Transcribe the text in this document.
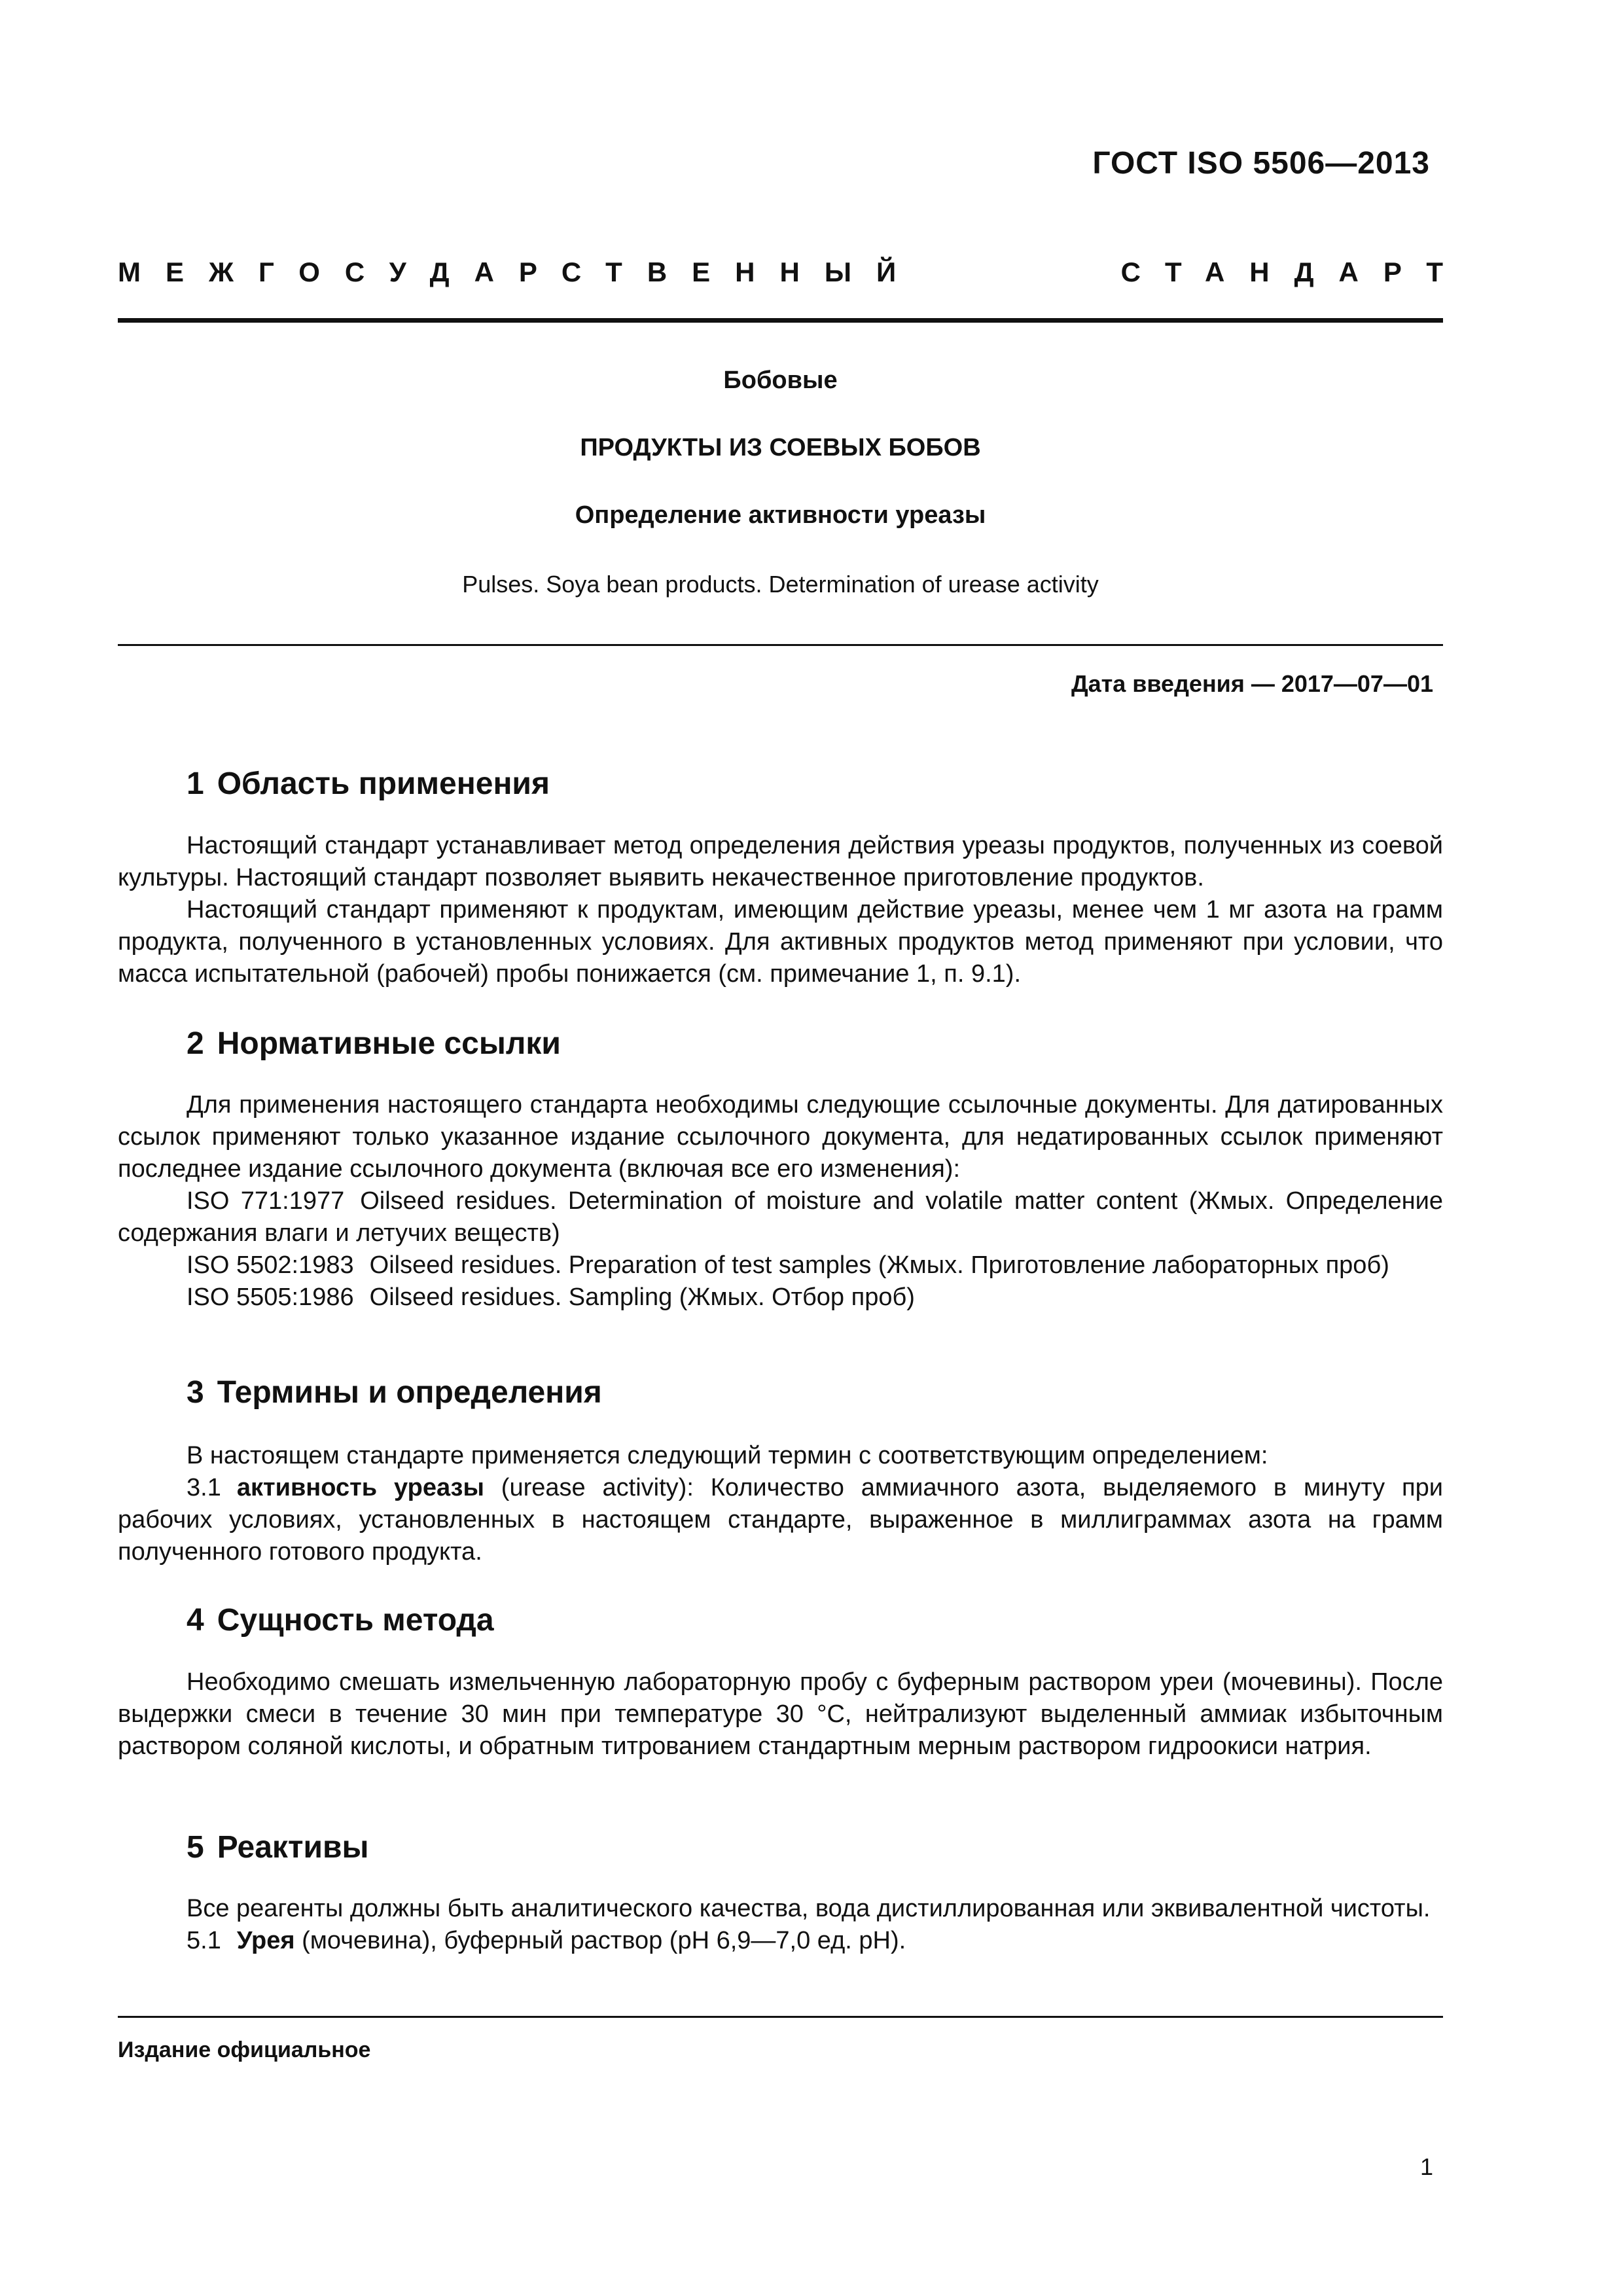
ГОСТ ISO 5506—2013
МЕЖГОСУДАРСТВЕННЫЙ	СТАНДАРТ
Бобовые
ПРОДУКТЫ ИЗ СОЕВЫХ БОБОВ
Определение активности уреазы
Pulses. Soya bean products. Determination of urease activity
Дата введения — 2017—07—01
1 Область применения

Настоящий стандарт устанавливает метод определения действия уреазы продуктов, полученных из соевой культуры. Настоящий стандарт позволяет выявить некачественное приготовление продуктов.

Настоящий стандарт применяют к продуктам, имеющим действие уреазы, менее чем 1 мг азота на грамм продукта, полученного в установленных условиях. Для активных продуктов метод применяют при условии, что масса испытательной (рабочей) пробы понижается (см. примечание 1, п. 9.1).

2 Нормативные ссылки

Для применения настоящего стандарта необходимы следующие ссылочные документы. Для датированных ссылок применяют только указанное издание ссылочного документа, для недатированных ссылок применяют последнее издание ссылочного документа (включая все его изменения):

ISO 771:1977 Oilseed residues. Determination of moisture and volatile matter content (Жмых. Определение содержания влаги и летучих веществ)

ISO 5502:1983 Oilseed residues. Preparation of test samples (Жмых. Приготовление лабораторных проб)

ISO 5505:1986 Oilseed residues. Sampling (Жмых. Отбор проб)

3 Термины и определения

В настоящем стандарте применяется следующий термин с соответствующим определением:

3.1 активность уреазы (urease activity): Количество аммиачного азота, выделяемого в минуту при рабочих условиях, установленных в настоящем стандарте, выраженное в миллиграммах азота на грамм полученного готового продукта.

4 Сущность метода

Необходимо смешать измельченную лабораторную пробу с буферным раствором уреи (мочевины). После выдержки смеси в течение 30 мин при температуре 30 °С, нейтрализуют выделенный аммиак избыточным раствором соляной кислоты, и обратным титрованием стандартным мерным раствором гидроокиси натрия.

5 Реактивы

Все реагенты должны быть аналитического качества, вода дистиллированная или эквивалентной чистоты.

5.1 Урея (мочевина), буферный раствор (pH 6,9—7,0 ед. pH).

Издание официальное
1
